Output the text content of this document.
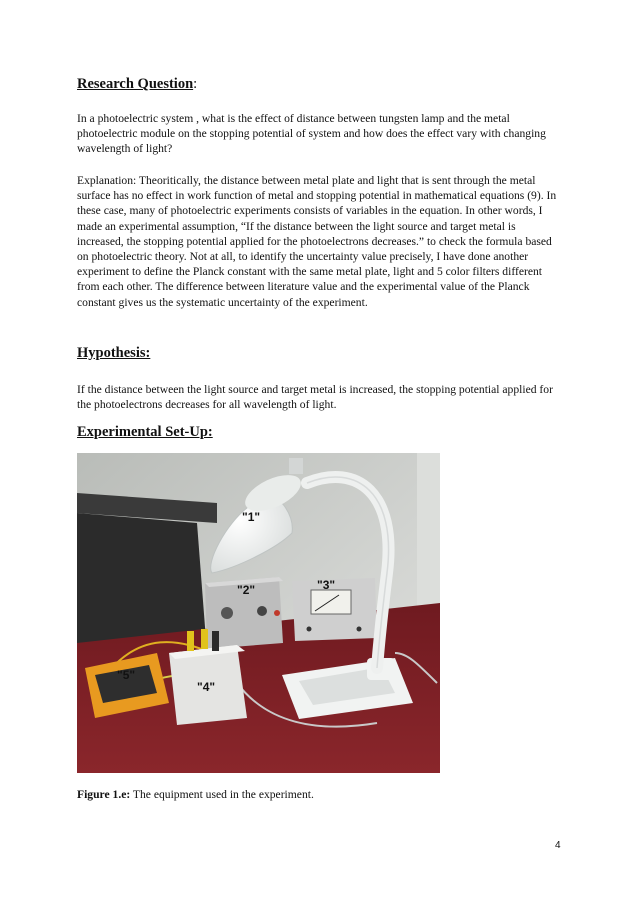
Research Question:
In a photoelectric system , what is the effect of distance between tungsten lamp and the metal photoelectric module on the stopping potential of system and how does the effect vary with changing wavelength of light?
Explanation: Theoritically, the distance between metal plate and light that is sent through the metal surface has no effect in work function of metal and stopping potential in mathematical equations (9). In these case, many of photoelectric experiments consists of variables in the equation. In other words, I made an experimental assumption, “If the distance between the light source and target metal is increased, the stopping potential applied for the photoelectrons decreases.” to check the formula based on photoelectric theory. Not at all, to identify the uncertainty value precisely, I have done another experiment to define the Planck constant with the same metal plate, light and 5 color filters different from each other. The difference between literature value and the experimental value of the Planck constant gives us the systematic uncertainty of the experiment.
Hypothesis:
If the distance between the light source and target metal is increased, the stopping potential applied for the photoelectrons decreases for all wavelength of light.
Experimental Set-Up:
"1"
"2"	"3"
"4"
"5"
Figure 1.e: The equipment used in the experiment.
4
